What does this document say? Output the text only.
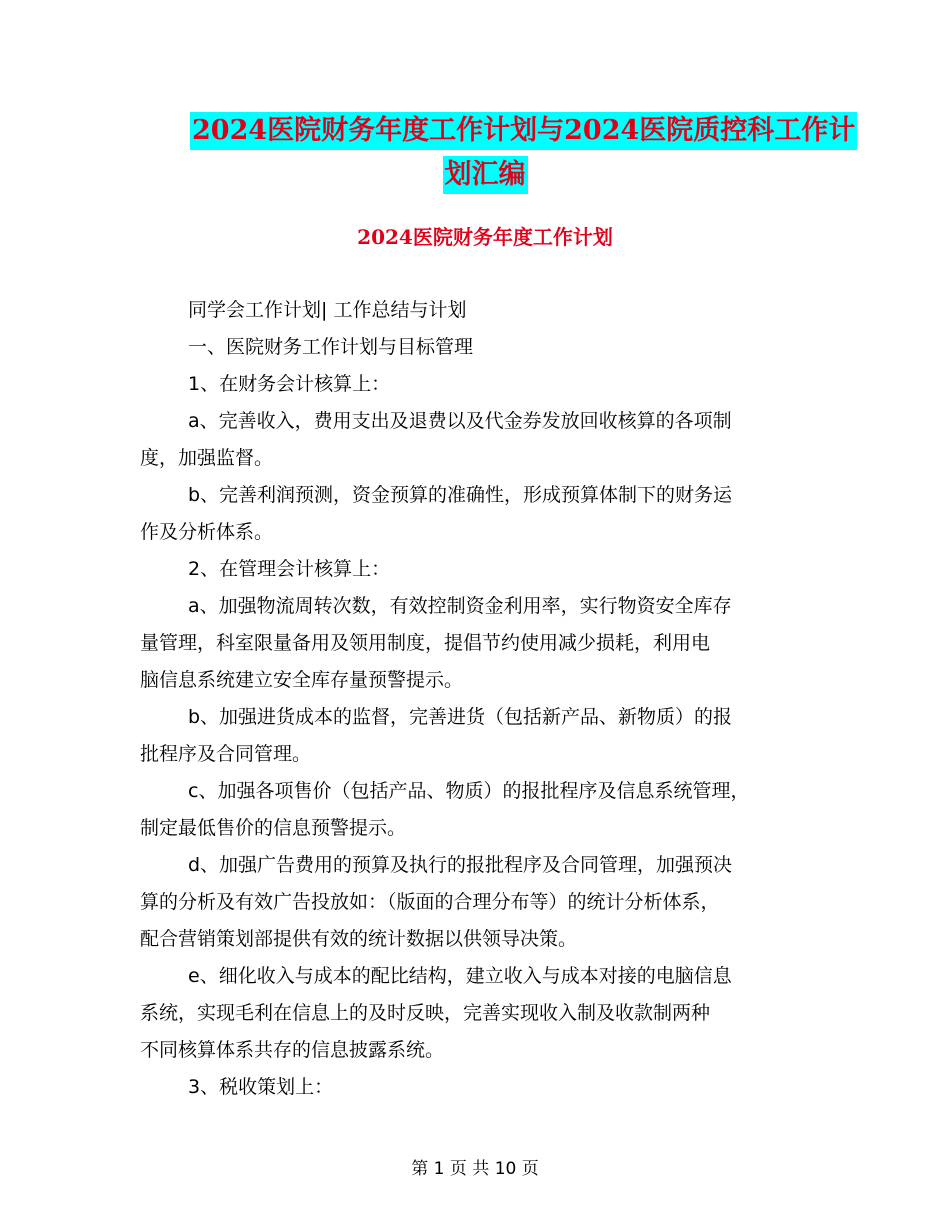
2024医院财务年度工作计划与2024医院质控科工作计
划汇编
2024医院财务年度工作计划
同学会工作计划| 工作总结与计划
一、医院财务工作计划与目标管理
1、在财务会计核算上：
a、完善收入，费用支出及退费以及代金券发放回收核算的各项制
度，加强监督。
b、完善利润预测，资金预算的准确性，形成预算体制下的财务运
作及分析体系。
2、在管理会计核算上：
a、加强物流周转次数，有效控制资金利用率，实行物资安全库存
量管理，科室限量备用及领用制度，提倡节约使用减少损耗，利用电
脑信息系统建立安全库存量预警提示。
b、加强进货成本的监督，完善进货（包括新产品、新物质）的报
批程序及合同管理。
c、加强各项售价（包括产品、物质）的报批程序及信息系统管理，
制定最低售价的信息预警提示。
d、加强广告费用的预算及执行的报批程序及合同管理，加强预决
算的分析及有效广告投放如：（版面的合理分布等）的统计分析体系，
配合营销策划部提供有效的统计数据以供领导决策。
e、细化收入与成本的配比结构，建立收入与成本对接的电脑信息
系统，实现毛利在信息上的及时反映，完善实现收入制及收款制两种
不同核算体系共存的信息披露系统。
3、税收策划上：
第 1 页 共 10 页
